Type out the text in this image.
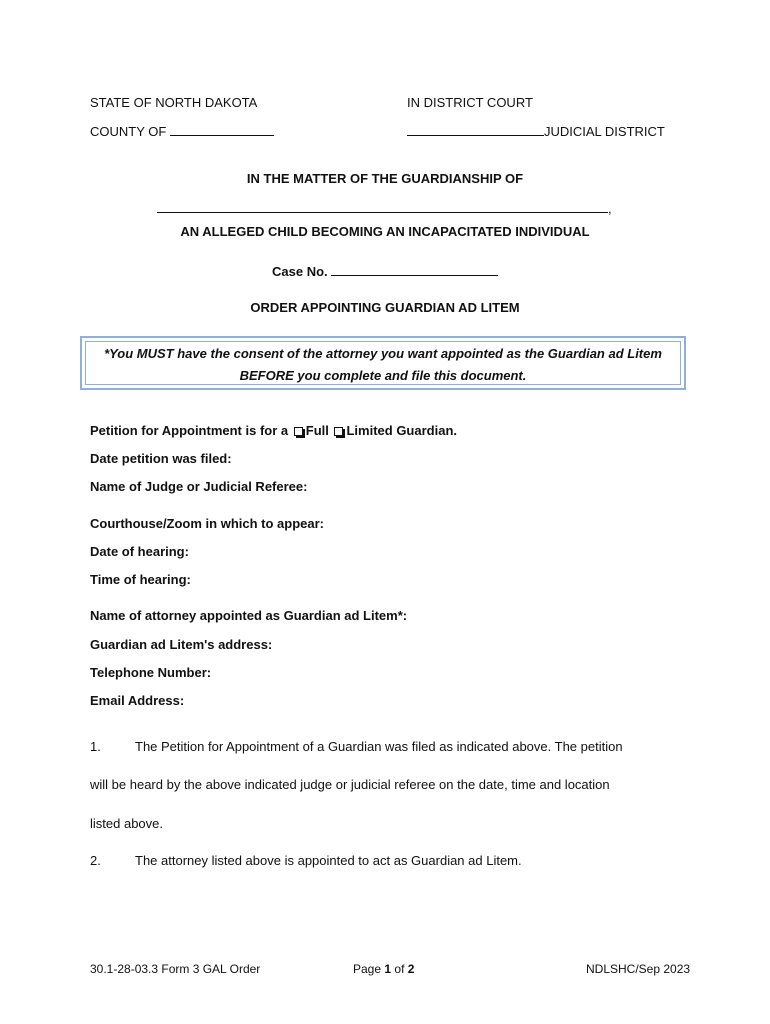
STATE OF NORTH DAKOTA	IN DISTRICT COURT
COUNTY OF	JUDICIAL DISTRICT
IN THE MATTER OF THE GUARDIANSHIP OF
,
AN ALLEGED CHILD BECOMING AN INCAPACITATED INDIVIDUAL
Case No.
ORDER APPOINTING GUARDIAN AD LITEM
*You MUST have the consent of the attorney you want appointed as the Guardian ad Litem
BEFORE you complete and file this document.
Petition for Appointment is for a Full Limited Guardian.
Date petition was filed:
Name of Judge or Judicial Referee:
Courthouse/Zoom in which to appear:
Date of hearing:
Time of hearing:
Name of attorney appointed as Guardian ad Litem*:
Guardian ad Litem's address:
Telephone Number:
Email Address:
1.	The Petition for Appointment of a Guardian was filed as indicated above. The petition
will be heard by the above indicated judge or judicial referee on the date, time and location
listed above.
2.	The attorney listed above is appointed to act as Guardian ad Litem.
30.1-28-03.3 Form 3 GAL Order	Page 1 of 2	NDLSHC/Sep 2023
